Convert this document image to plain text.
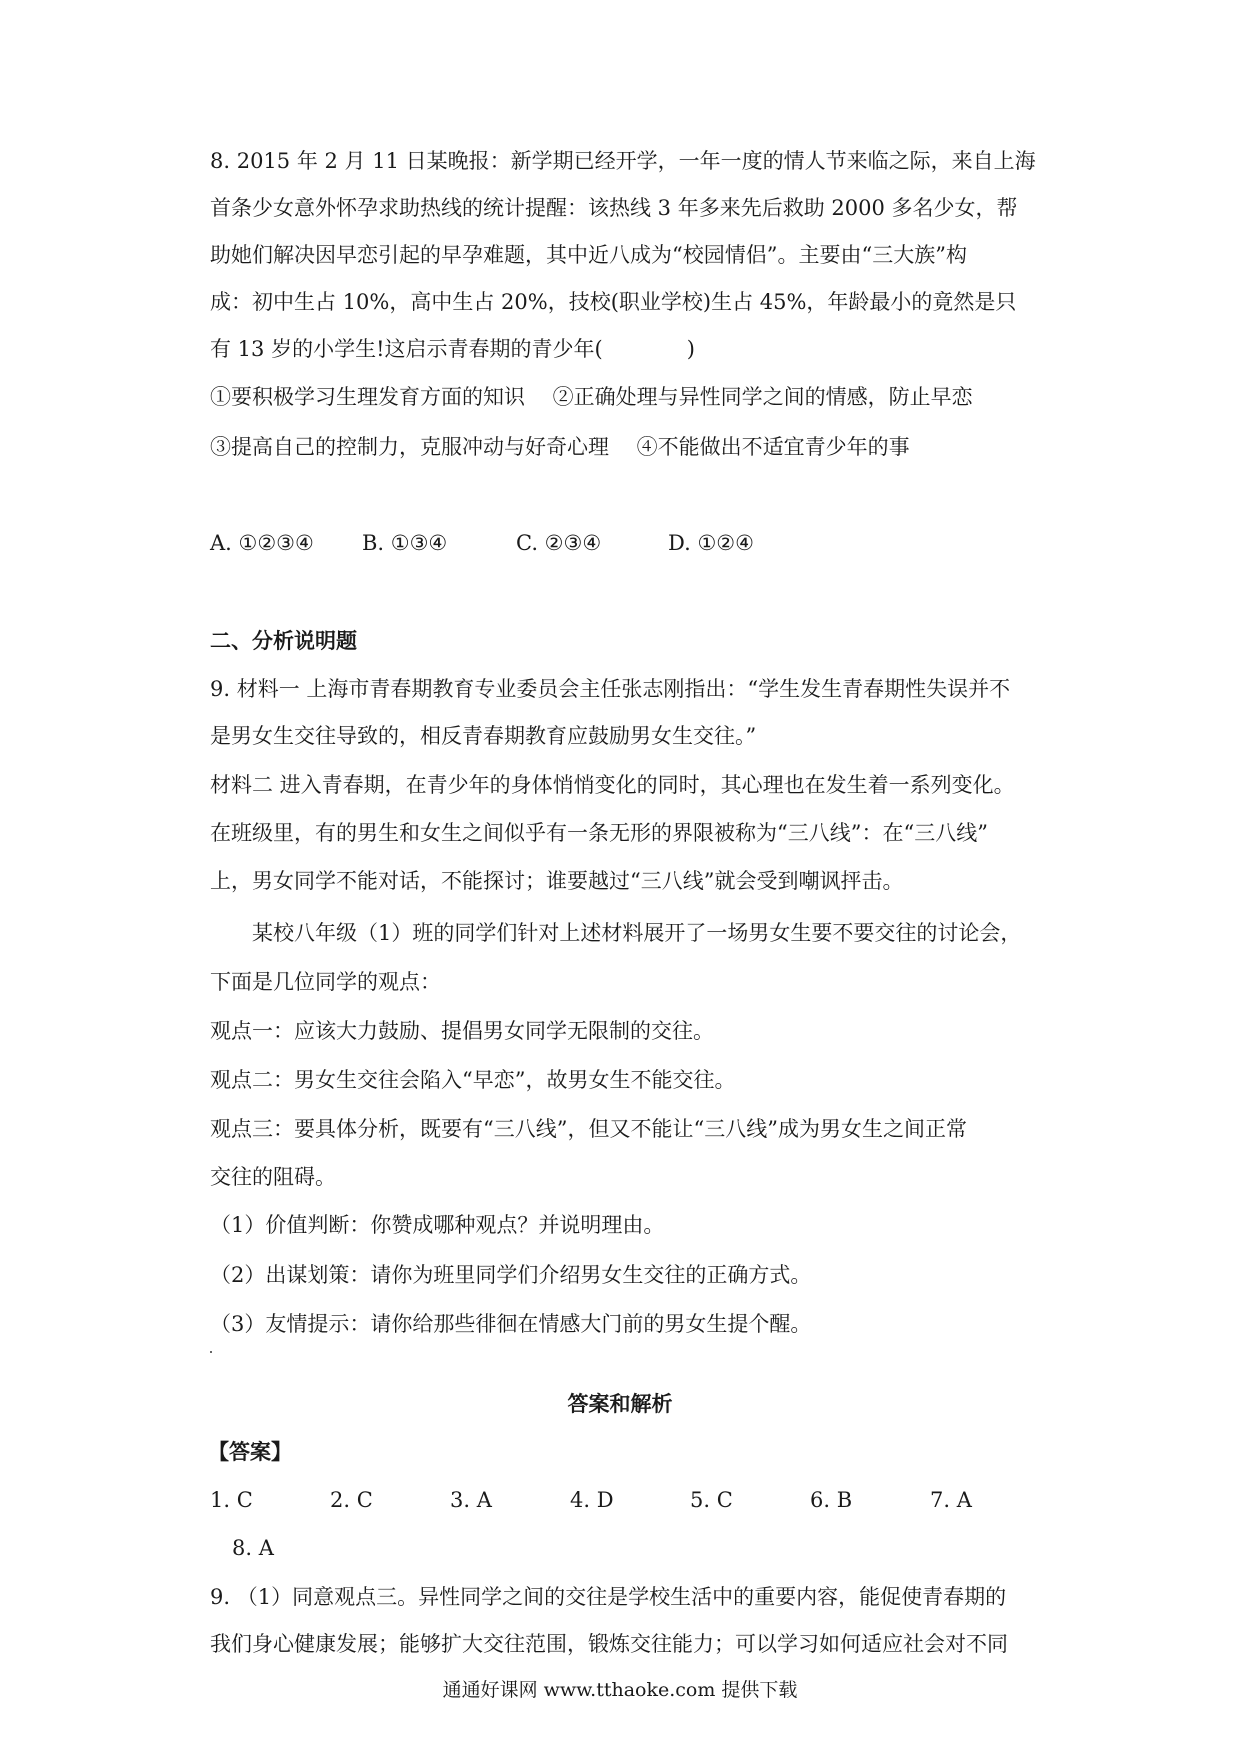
8. 2015 年 2 月 11 日某晚报：新学期已经开学，一年一度的情人节来临之际，来自上海
首条少女意外怀孕求助热线的统计提醒：该热线 3 年多来先后救助 2000 多名少女，帮
助她们解决因早恋引起的早孕难题，其中近八成为“校园情侣”。主要由“三大族”构
成：初中生占 10%，高中生占 20%，技校(职业学校)生占 45%，年龄最小的竟然是只
有 13 岁的小学生!这启示青春期的青少年(　　　　)
①要积极学习生理发育方面的知识　 ②正确处理与异性同学之间的情感，防止早恋
③提高自己的控制力，克服冲动与好奇心理　 ④不能做出不适宜青少年的事
A. ①②③④ B. ①③④	C. ②③④	D. ①②④
二、分析说明题
9. 材料一 上海市青春期教育专业委员会主任张志刚指出：“学生发生青春期性失误并不
是男女生交往导致的，相反青春期教育应鼓励男女生交往。”
材料二 进入青春期，在青少年的身体悄悄变化的同时，其心理也在发生着一系列变化。
在班级里，有的男生和女生之间似乎有一条无形的界限被称为“三八线”：在“三八线”
上，男女同学不能对话，不能探讨；谁要越过“三八线”就会受到嘲讽抨击。
　　某校八年级（1）班的同学们针对上述材料展开了一场男女生要不要交往的讨论会，
下面是几位同学的观点：
观点一：应该大力鼓励、提倡男女同学无限制的交往。
观点二：男女生交往会陷入“早恋”，故男女生不能交往。
观点三：要具体分析，既要有“三八线”，但又不能让“三八线”成为男女生之间正常
交往的阻碍。
（1）价值判断：你赞成哪种观点？并说明理由。
（2）出谋划策：请你为班里同学们介绍男女生交往的正确方式。
（3）友情提示：请你给那些徘徊在情感大门前的男女生提个醒。
答案和解析
【答案】
1. C	2. C	3. A	4. D	5. C	6. B	7. A
8. A
9. （1）同意观点三。异性同学之间的交往是学校生活中的重要内容，能促使青春期的
我们身心健康发展；能够扩大交往范围，锻炼交往能力；可以学习如何适应社会对不同
通通好课网 www.tthaoke.com 提供下载
